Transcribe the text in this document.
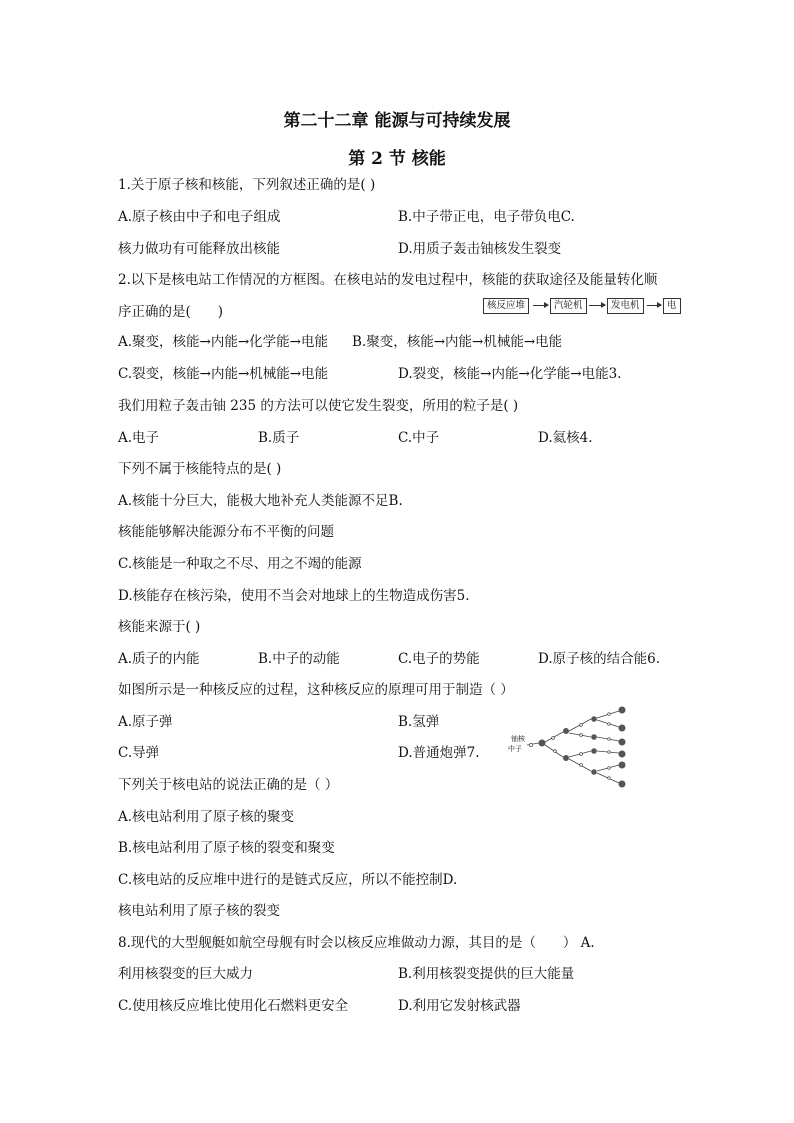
第二十二章 能源与可持续发展
第 2 节 核能
1.关于原子核和核能，下列叙述正确的是( )
A.原子核由中子和电子组成	B.中子带正电，电子带负电C.
核力做功有可能释放出核能	D.用质子轰击铀核发生裂变
2.以下是核电站工作情况的方框图。在核电站的发电过程中，核能的获取途径及能量转化顺
序正确的是(　　)	核反应堆	汽轮机	发电机	电
A.聚变，核能→内能→化学能→电能 B.聚变，核能→内能→机械能→电能
C.裂变，核能→内能→机械能→电能	D.裂变，核能→内能→化学能→电能3.
我们用粒子轰击铀 235 的方法可以使它发生裂变，所用的粒子是( )
A.电子	B.质子	C.中子	D.氦核4.
下列不属于核能特点的是( )
A.核能十分巨大，能极大地补充人类能源不足B.
核能能够解决能源分布不平衡的问题
C.核能是一种取之不尽、用之不竭的能源
D.核能存在核污染，使用不当会对地球上的生物造成伤害5.
核能来源于( )
A.质子的内能	B.中子的动能	C.电子的势能	D.原子核的结合能6.
如图所示是一种核反应的过程，这种核反应的原理可用于制造（ ）
A.原子弹	B.氢弹
C.导弹	D.普通炮弹7.
铀核
中子
下列关于核电站的说法正确的是（ ）
A.核电站利用了原子核的聚变
B.核电站利用了原子核的裂变和聚变
C.核电站的反应堆中进行的是链式反应，所以不能控制D.
核电站利用了原子核的裂变
8.现代的大型舰艇如航空母舰有时会以核反应堆做动力源，其目的是（　　） A.
利用核裂变的巨大威力	B.利用核裂变提供的巨大能量
C.使用核反应堆比使用化石燃料更安全	D.利用它发射核武器
